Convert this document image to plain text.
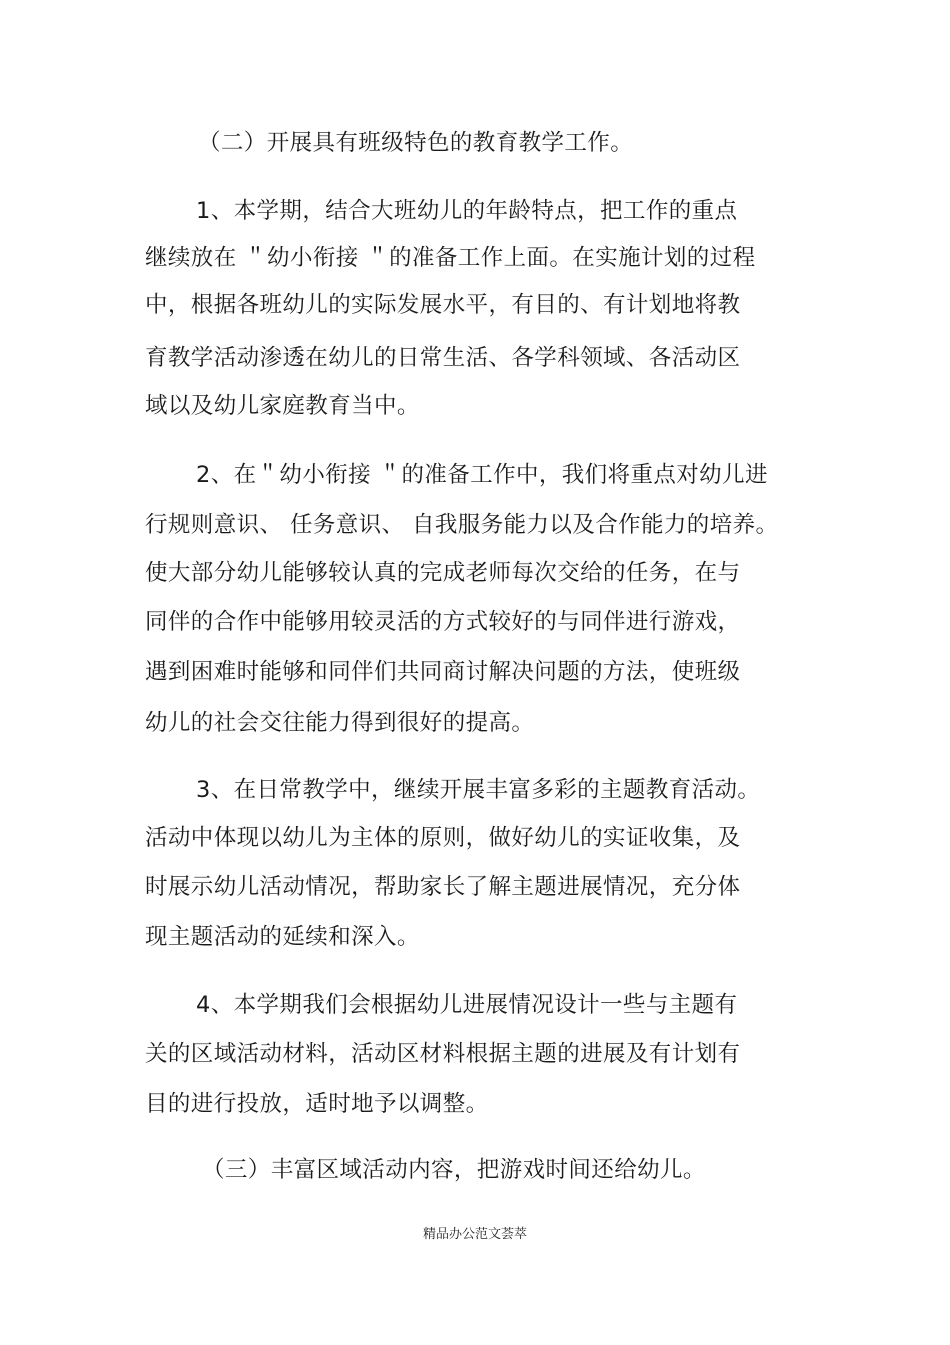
（二）开展具有班级特色的教育教学工作。
1、本学期，结合大班幼儿的年龄特点，把工作的重点
继续放在 ＂幼小衔接 ＂的准备工作上面。在实施计划的过程
中，根据各班幼儿的实际发展水平，有目的、有计划地将教
育教学活动渗透在幼儿的日常生活、各学科领域、各活动区
域以及幼儿家庭教育当中。
2、在＂幼小衔接 ＂的准备工作中，我们将重点对幼儿进
行规则意识、 任务意识、 自我服务能力以及合作能力的培养。
使大部分幼儿能够较认真的完成老师每次交给的任务，在与
同伴的合作中能够用较灵活的方式较好的与同伴进行游戏，
遇到困难时能够和同伴们共同商讨解决问题的方法，使班级
幼儿的社会交往能力得到很好的提高。
3、在日常教学中，继续开展丰富多彩的主题教育活动。
活动中体现以幼儿为主体的原则，做好幼儿的实证收集，及
时展示幼儿活动情况，帮助家长了解主题进展情况，充分体
现主题活动的延续和深入。
4、本学期我们会根据幼儿进展情况设计一些与主题有
关的区域活动材料，活动区材料根据主题的进展及有计划有
目的进行投放，适时地予以调整。
（三）丰富区域活动内容，把游戏时间还给幼儿。
精品办公范文荟萃
